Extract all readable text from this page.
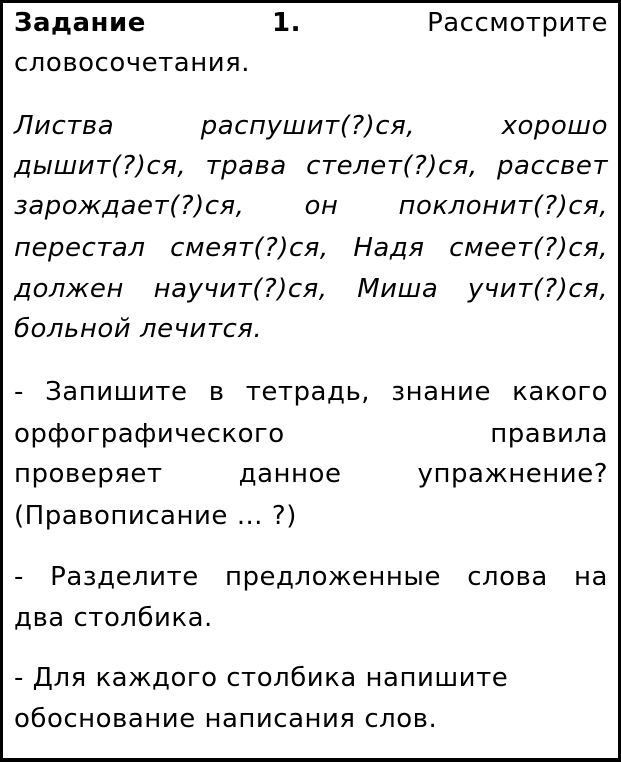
Задание	1.	Рассмотрите
словосочетания.
Листва распушит(?)ся, хорошо
дышит(?)ся, трава стелет(?)ся, рассвет
зарождает(?)ся, он поклонит(?)ся,
перестал смеят(?)ся, Надя смеет(?)ся,
должен научит(?)ся, Миша учит(?)ся,
больной лечится.
- Запишите в тетрадь, знание какого
орфографического правила
проверяет данное упражнение?
(Правописание … ?)
- Разделите предложенные слова на
два столбика.
- Для каждого столбика напишите
обоснование написания слов.
